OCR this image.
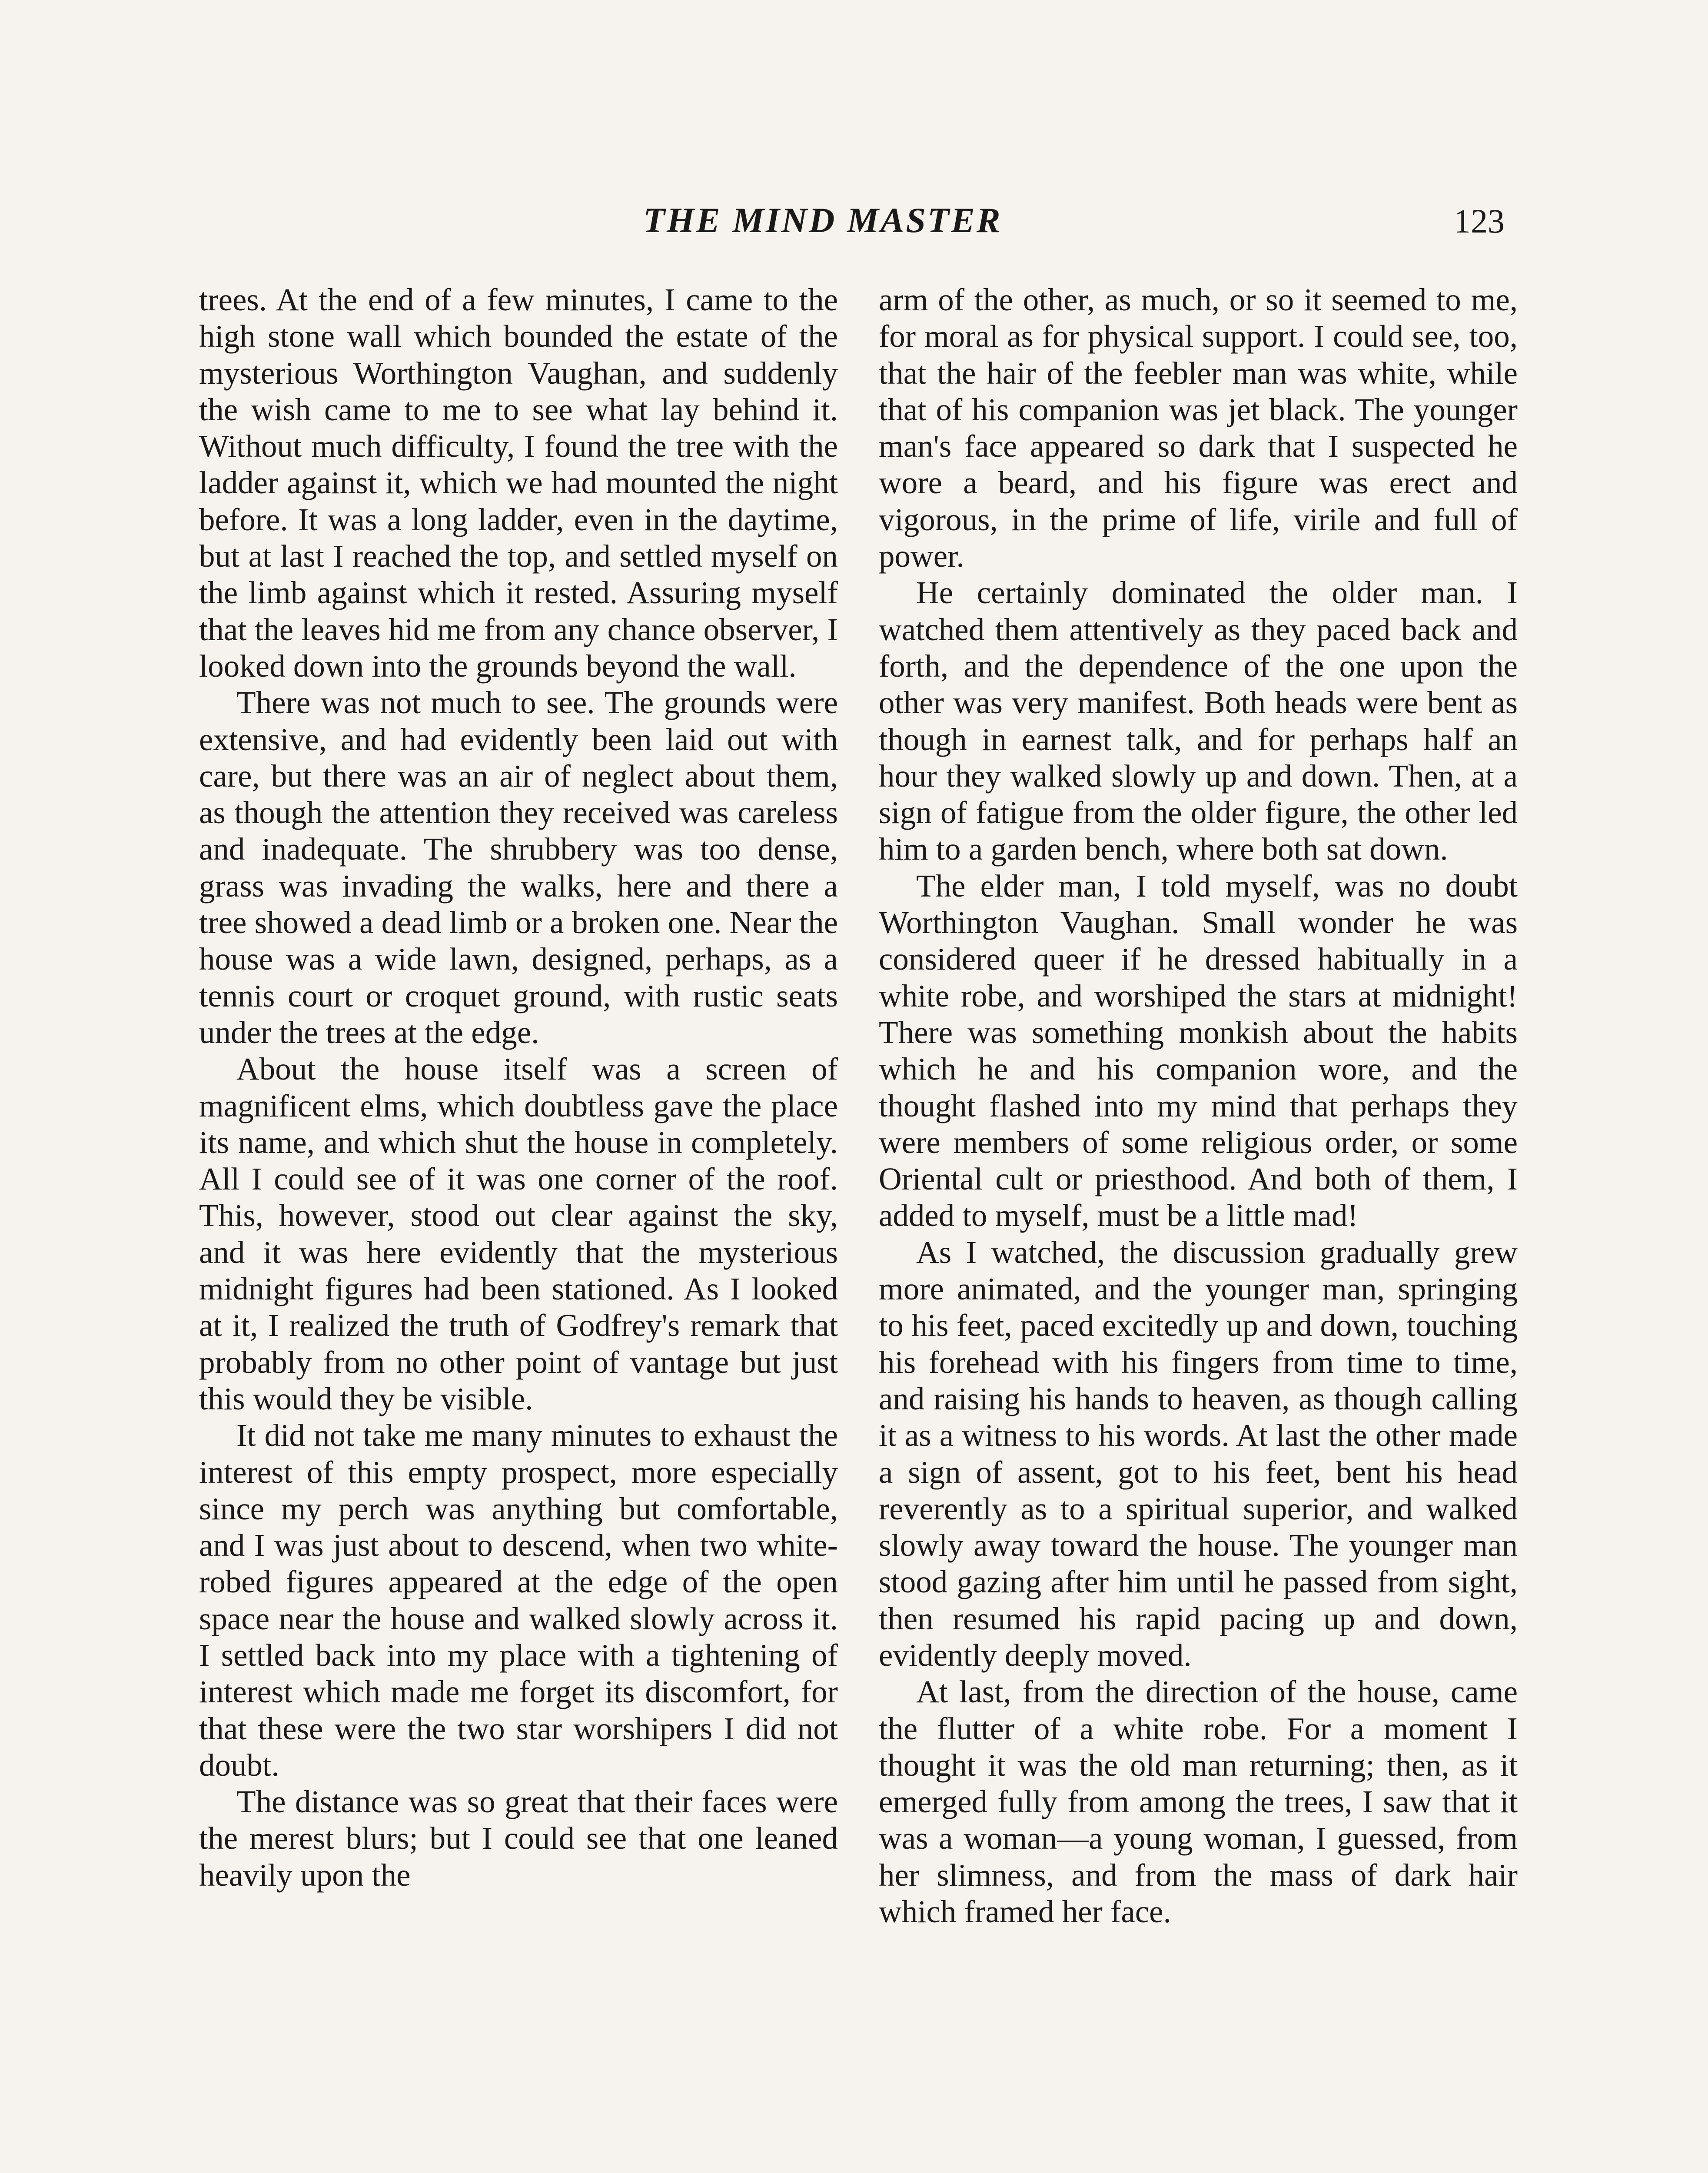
THE MIND MASTER	123

trees. At the end of a few minutes, I came to the high stone wall which bounded the estate of the mysterious Worthington Vaughan, and suddenly the wish came to me to see what lay behind it. Without much difficulty, I found the tree with the ladder against it, which we had mounted the night before. It was a long ladder, even in the daytime, but at last I reached the top, and settled myself on the limb against which it rested. Assuring myself that the leaves hid me from any chance observer, I looked down into the grounds beyond the wall.

There was not much to see. The grounds were extensive, and had evidently been laid out with care, but there was an air of neglect about them, as though the attention they received was careless and inadequate. The shrubbery was too dense, grass was invading the walks, here and there a tree showed a dead limb or a broken one. Near the house was a wide lawn, designed, perhaps, as a tennis court or croquet ground, with rustic seats under the trees at the edge.

About the house itself was a screen of magnificent elms, which doubtless gave the place its name, and which shut the house in completely. All I could see of it was one corner of the roof. This, however, stood out clear against the sky, and it was here evidently that the mysterious midnight figures had been stationed. As I looked at it, I realized the truth of Godfrey's remark that probably from no other point of vantage but just this would they be visible.

It did not take me many minutes to exhaust the interest of this empty prospect, more especially since my perch was anything but comfortable, and I was just about to descend, when two white-robed figures appeared at the edge of the open space near the house and walked slowly across it. I settled back into my place with a tightening of interest which made me forget its discomfort, for that these were the two star worshipers I did not doubt.

The distance was so great that their faces were the merest blurs; but I could see that one leaned heavily upon the

arm of the other, as much, or so it seemed to me, for moral as for physical support. I could see, too, that the hair of the feebler man was white, while that of his companion was jet black. The younger man's face appeared so dark that I suspected he wore a beard, and his figure was erect and vigorous, in the prime of life, virile and full of power.

He certainly dominated the older man. I watched them attentively as they paced back and forth, and the dependence of the one upon the other was very manifest. Both heads were bent as though in earnest talk, and for perhaps half an hour they walked slowly up and down. Then, at a sign of fatigue from the older figure, the other led him to a garden bench, where both sat down.

The elder man, I told myself, was no doubt Worthington Vaughan. Small wonder he was considered queer if he dressed habitually in a white robe, and worshiped the stars at midnight! There was something monkish about the habits which he and his companion wore, and the thought flashed into my mind that perhaps they were members of some religious order, or some Oriental cult or priesthood. And both of them, I added to myself, must be a little mad!

As I watched, the discussion gradually grew more animated, and the younger man, springing to his feet, paced excitedly up and down, touching his forehead with his fingers from time to time, and raising his hands to heaven, as though calling it as a witness to his words. At last the other made a sign of assent, got to his feet, bent his head reverently as to a spiritual superior, and walked slowly away toward the house. The younger man stood gazing after him until he passed from sight, then resumed his rapid pacing up and down, evidently deeply moved.

At last, from the direction of the house, came the flutter of a white robe. For a moment I thought it was the old man returning; then, as it emerged fully from among the trees, I saw that it was a woman—a young woman, I guessed, from her slimness, and from the mass of dark hair which framed her face.
